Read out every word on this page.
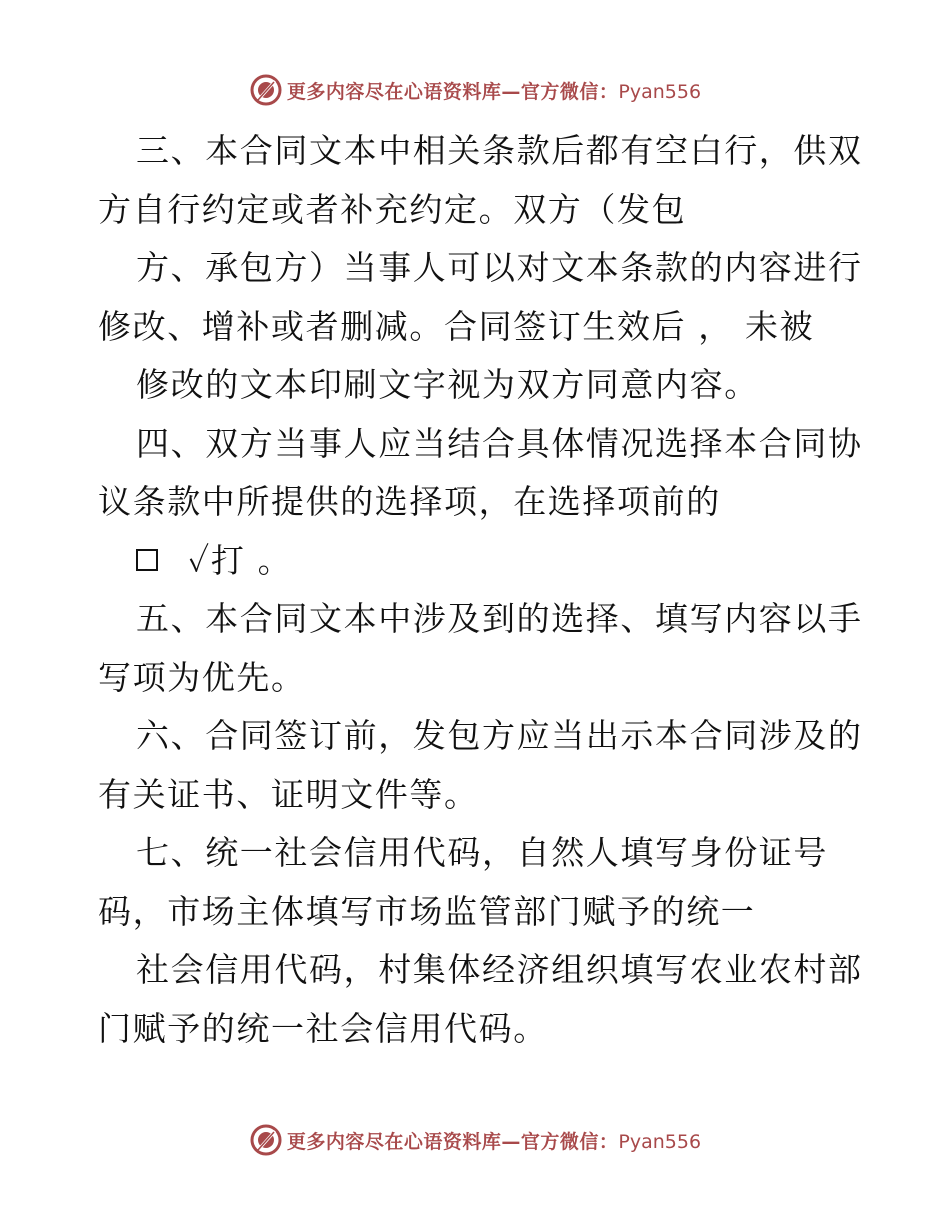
更多内容尽在心语资料库—官方微信：Pyan556
三、本合同文本中相关条款后都有空白行，供双
方自行约定或者补充约定。双方（发包
方、承包方）当事人可以对文本条款的内容进行
修改、增补或者删减。合同签订生效后 ， 未被
修改的文本印刷文字视为双方同意内容。
四、双方当事人应当结合具体情况选择本合同协
议条款中所提供的选择项，在选择项前的
✓打 。
五、本合同文本中涉及到的选择、填写内容以手
写项为优先。
六、合同签订前，发包方应当出示本合同涉及的
有关证书、证明文件等。
七、统一社会信用代码，自然人填写身份证号
码，市场主体填写市场监管部门赋予的统一
社会信用代码，村集体经济组织填写农业农村部
门赋予的统一社会信用代码。
更多内容尽在心语资料库—官方微信：Pyan556
